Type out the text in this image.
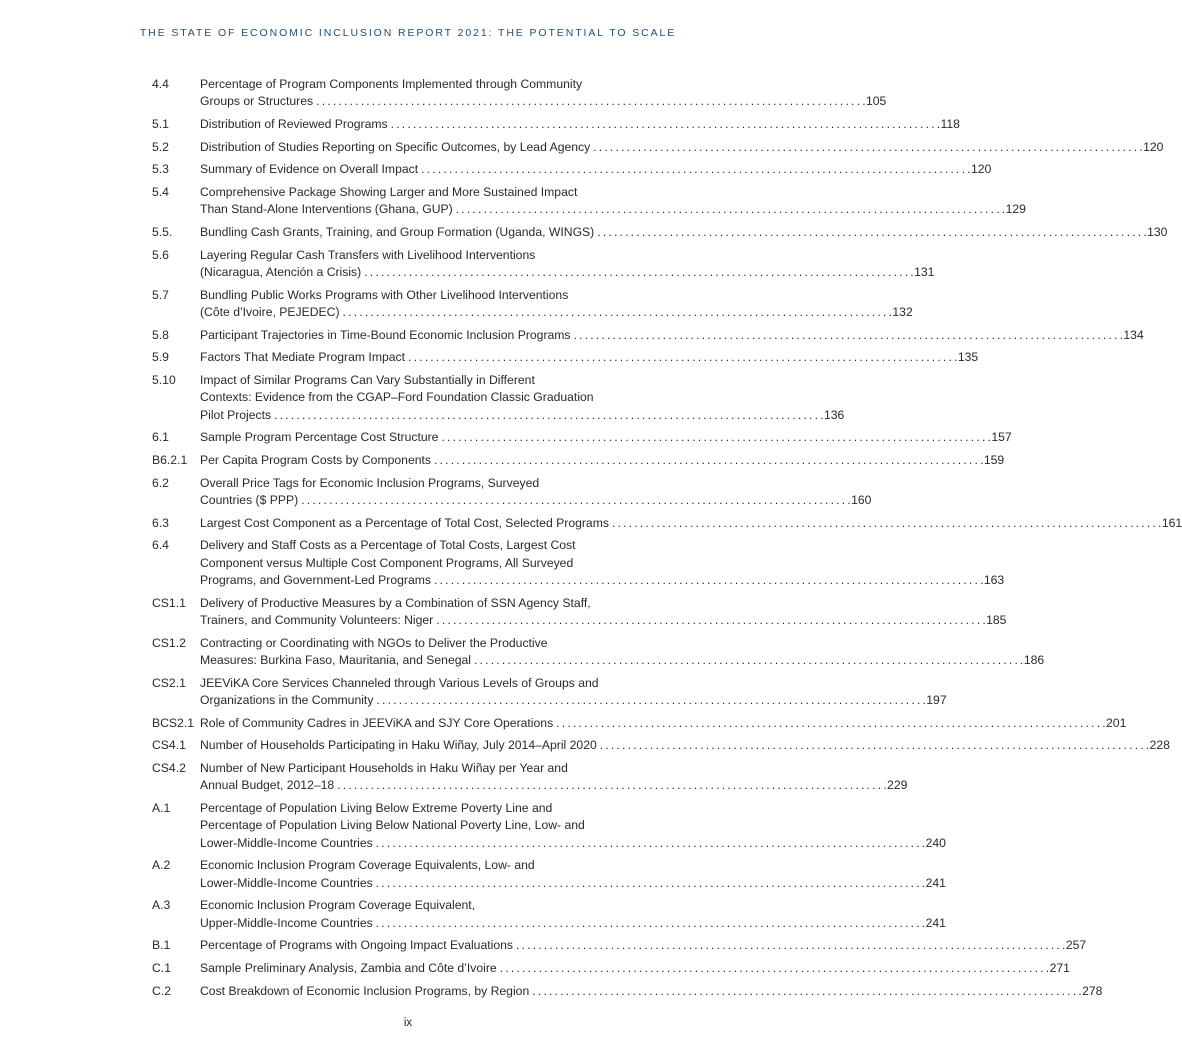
THE STATE OF ECONOMIC INCLUSION REPORT 2021: THE POTENTIAL TO SCALE
4.4	Percentage of Program Components Implemented through Community
Groups or Structures . . .	105
5.1	Distribution of Reviewed Programs . . .	118
5.2	Distribution of Studies Reporting on Specific Outcomes, by Lead Agency . . .	120
5.3	Summary of Evidence on Overall Impact . . .	120
5.4	Comprehensive Package Showing Larger and More Sustained Impact
Than Stand-Alone Interventions (Ghana, GUP) . . .	129
5.5.	Bundling Cash Grants, Training, and Group Formation (Uganda, WINGS) . . .	130
5.6	Layering Regular Cash Transfers with Livelihood Interventions
(Nicaragua, Atención a Crisis) . . .	131
5.7	Bundling Public Works Programs with Other Livelihood Interventions
(Côte d’Ivoire, PEJEDEC) . . .	132
5.8	Participant Trajectories in Time-Bound Economic Inclusion Programs . . .	134
5.9	Factors That Mediate Program Impact . . .	135
5.10	Impact of Similar Programs Can Vary Substantially in Different
Contexts: Evidence from the CGAP–Ford Foundation Classic Graduation
Pilot Projects . . .	136
6.1	Sample Program Percentage Cost Structure . . .	157
B6.2.1	Per Capita Program Costs by Components . . .	159
6.2	Overall Price Tags for Economic Inclusion Programs, Surveyed
Countries ($ PPP) . . .	160
6.3	Largest Cost Component as a Percentage of Total Cost, Selected Programs . . .	161
6.4	Delivery and Staff Costs as a Percentage of Total Costs, Largest Cost
Component versus Multiple Cost Component Programs, All Surveyed
Programs, and Government-Led Programs . . .	163
CS1.1	Delivery of Productive Measures by a Combination of SSN Agency Staff,
Trainers, and Community Volunteers: Niger . . .	185
CS1.2	Contracting or Coordinating with NGOs to Deliver the Productive
Measures: Burkina Faso, Mauritania, and Senegal . . .	186
CS2.1	JEEViKA Core Services Channeled through Various Levels of Groups and
Organizations in the Community . . .	197
BCS2.1 Role of Community Cadres in JEEViKA and SJY Core Operations . . .	201
CS4.1	Number of Households Participating in Haku Wiñay, July 2014–April 2020 . . .	228
CS4.2	Number of New Participant Households in Haku Wiñay per Year and
Annual Budget, 2012–18 . . .	229
A.1	Percentage of Population Living Below Extreme Poverty Line and
Percentage of Population Living Below National Poverty Line, Low- and
Lower-Middle-Income Countries . . .	240
A.2	Economic Inclusion Program Coverage Equivalents, Low- and
Lower-Middle-Income Countries . . .	241
A.3	Economic Inclusion Program Coverage Equivalent,
Upper-Middle-Income Countries . . .	241
B.1	Percentage of Programs with Ongoing Impact Evaluations . . .	257
C.1	Sample Preliminary Analysis, Zambia and Côte d’Ivoire . . .	271
C.2	Cost Breakdown of Economic Inclusion Programs, by Region . . .	278
ix
